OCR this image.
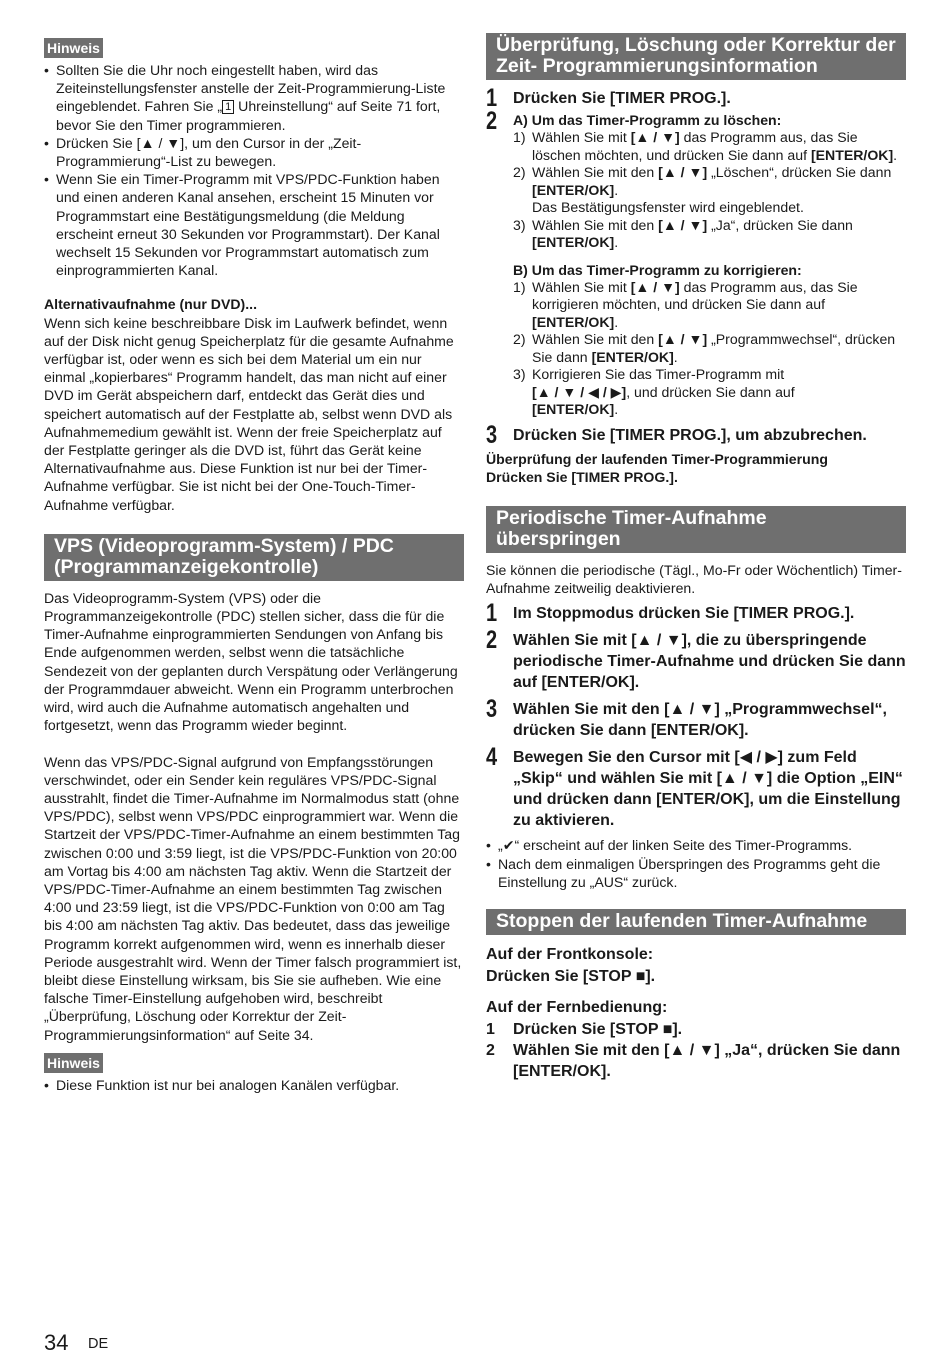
Hinweis
• Sollten Sie die Uhr noch eingestellt haben, wird das Zeiteinstellungsfenster anstelle der Zeit-Programmierung-Liste eingeblendet. Fahren Sie „ 1 Uhreinstellung“ auf Seite 71 fort, bevor Sie den Timer programmieren.
• Drücken Sie [▲ / ▼], um den Cursor in der „Zeit-Programmierung“-List zu bewegen.
• Wenn Sie ein Timer-Programm mit VPS/PDC-Funktion haben und einen anderen Kanal ansehen, erscheint 15 Minuten vor Programmstart eine Bestätigungsmeldung (die Meldung erscheint erneut 30 Sekunden vor Programmstart). Der Kanal wechselt 15 Sekunden vor Programmstart automatisch zum einprogrammierten Kanal.

Alternativaufnahme (nur DVD)...

Wenn sich keine beschreibbare Disk im Laufwerk befindet, wenn auf der Disk nicht genug Speicherplatz für die gesamte Aufnahme verfügbar ist, oder wenn es sich bei dem Material um ein nur einmal „kopierbares“ Programm handelt, das man nicht auf einer DVD im Gerät abspeichern darf, entdeckt das Gerät dies und speichert automatisch auf der Festplatte ab, selbst wenn DVD als Aufnahmemedium gewählt ist. Wenn der freie Speicherplatz auf der Festplatte geringer als die DVD ist, führt das Gerät keine Alternativaufnahme aus. Diese Funktion ist nur bei der Timer-Aufnahme verfügbar. Sie ist nicht bei der One-Touch-Timer-Aufnahme verfügbar.

VPS (Videoprogramm-System) / PDC (Programmanzeigekontrolle)

Das Videoprogramm-System (VPS) oder die Programmanzeigekontrolle (PDC) stellen sicher, dass die für die Timer-Aufnahme einprogrammierten Sendungen von Anfang bis Ende aufgenommen werden, selbst wenn die tatsächliche Sendezeit von der geplanten durch Verspätung oder Verlängerung der Programmdauer abweicht. Wenn ein Programm unterbrochen wird, wird auch die Aufnahme automatisch angehalten und fortgesetzt, wenn das Programm wieder beginnt.

Wenn das VPS/PDC-Signal aufgrund von Empfangsstörungen verschwindet, oder ein Sender kein reguläres VPS/PDC-Signal ausstrahlt, findet die Timer-Aufnahme im Normalmodus statt (ohne VPS/PDC), selbst wenn VPS/PDC einprogrammiert war. Wenn die Startzeit der VPS/PDC-Timer-Aufnahme an einem bestimmten Tag zwischen 0:00 und 3:59 liegt, ist die VPS/PDC-Funktion von 20:00 am Vortag bis 4:00 am nächsten Tag aktiv. Wenn die Startzeit der VPS/PDC-Timer-Aufnahme an einem bestimmten Tag zwischen 4:00 und 23:59 liegt, ist die VPS/PDC-Funktion von 0:00 am Tag bis 4:00 am nächsten Tag aktiv. Das bedeutet, dass das jeweilige Programm korrekt aufgenommen wird, wenn es innerhalb dieser Periode ausgestrahlt wird. Wenn der Timer falsch programmiert ist, bleibt diese Einstellung wirksam, bis Sie sie aufheben. Wie eine falsche Timer-Einstellung aufgehoben wird, beschreibt „Überprüfung, Löschung oder Korrektur der Zeit-Programmierungsinformation“ auf Seite 34.

Hinweis
• Diese Funktion ist nur bei analogen Kanälen verfügbar.
Überprüfung, Löschung oder Korrektur der Zeit- Programmierungsinformation
1 Drücken Sie [TIMER PROG.].
2 A) Um das Timer-Programm zu löschen:
1) Wählen Sie mit [▲ / ▼] das Programm aus, das Sie löschen möchten, und drücken Sie dann auf [ENTER/OK].
2) Wählen Sie mit den [▲ / ▼] „Löschen“, drücken Sie dann [ENTER/OK].
Das Bestätigungsfenster wird eingeblendet.
3) Wählen Sie mit den [▲ / ▼] „Ja“, drücken Sie dann [ENTER/OK].
B) Um das Timer-Programm zu korrigieren:
1) Wählen Sie mit [▲ / ▼] das Programm aus, das Sie korrigieren möchten, und drücken Sie dann auf [ENTER/OK].
2) Wählen Sie mit den [▲ / ▼] „Programmwechsel“, drücken Sie dann [ENTER/OK].
3) Korrigieren Sie das Timer-Programm mit
[▲ / ▼ / ◀ / ▶], und drücken Sie dann auf
[ENTER/OK].
3 Drücken Sie [TIMER PROG.], um abzubrechen.
Überprüfung der laufenden Timer-Programmierung
Drücken Sie [TIMER PROG.].
Periodische Timer-Aufnahme überspringen

Sie können die periodische (Tägl., Mo-Fr oder Wöchentlich) Timer-Aufnahme zeitweilig deaktivieren.

1 Im Stoppmodus drücken Sie [TIMER PROG.].
2 Wählen Sie mit [▲ / ▼], die zu überspringende periodische Timer-Aufnahme und drücken Sie dann auf [ENTER/OK].
3 Wählen Sie mit den [▲ / ▼] „Programmwechsel“, drücken Sie dann [ENTER/OK].
4 Bewegen Sie den Cursor mit [◀ / ▶] zum Feld „Skip“ und wählen Sie mit [▲ / ▼] die Option „EIN“ und drücken dann [ENTER/OK], um die Einstellung zu aktivieren.
• „✔“ erscheint auf der linken Seite des Timer-Programms.
• Nach dem einmaligen Überspringen des Programms geht die Einstellung zu „AUS“ zurück.
Stoppen der laufenden Timer-Aufnahme
Auf der Frontkonsole:
Drücken Sie [STOP ■].
Auf der Fernbedienung:
1 Drücken Sie [STOP ■].
2 Wählen Sie mit den [▲ / ▼] „Ja“, drücken Sie dann [ENTER/OK].
34 DE
